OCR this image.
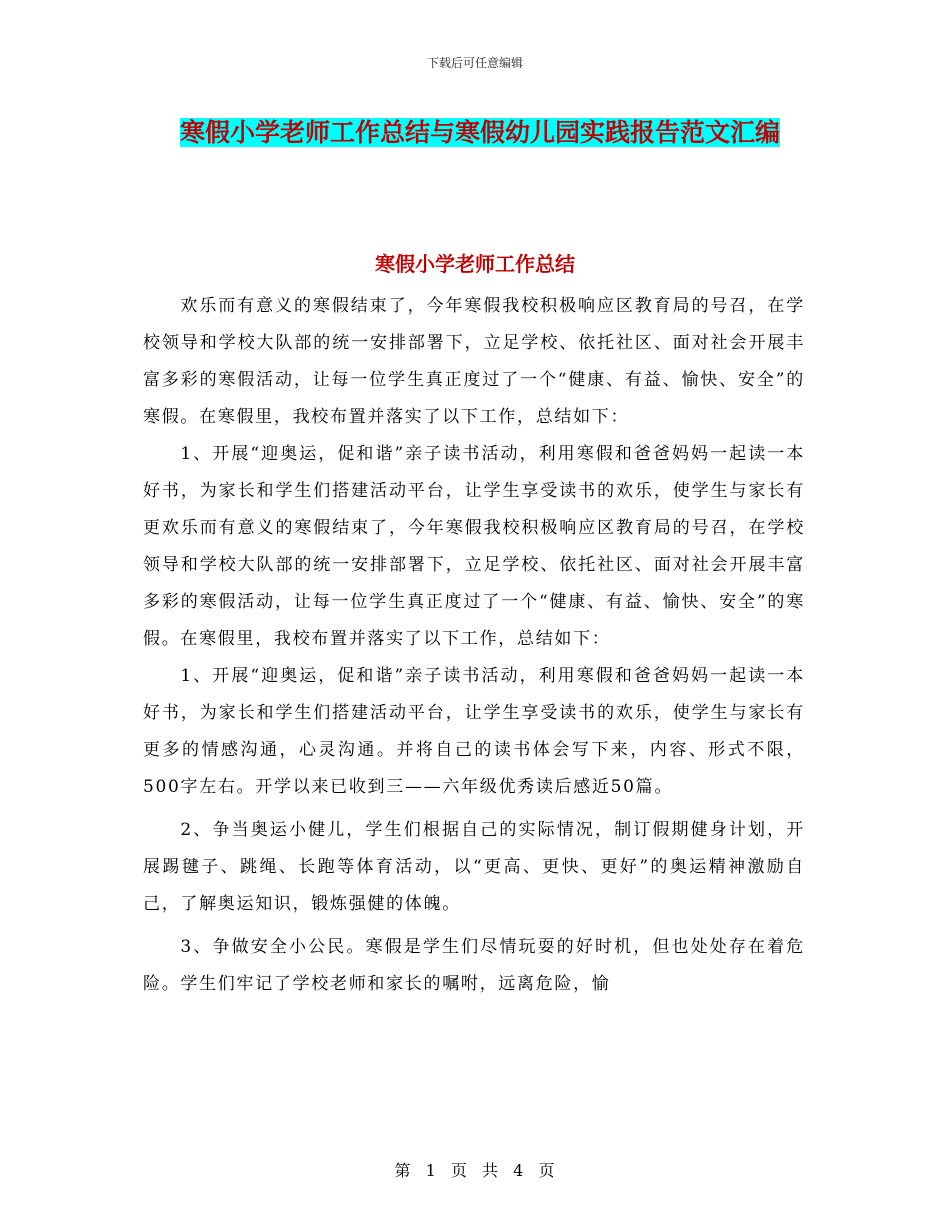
下载后可任意编辑
寒假小学老师工作总结与寒假幼儿园实践报告范文汇编
寒假小学老师工作总结

欢乐而有意义的寒假结束了，今年寒假我校积极响应区教育局的号召，在学校领导和学校大队部的统一安排部署下，立足学校、依托社区、面对社会开展丰富多彩的寒假活动，让每一位学生真正度过了一个“健康、有益、愉快、安全”的寒假。在寒假里，我校布置并落实了以下工作，总结如下：

1、开展“迎奥运，促和谐”亲子读书活动，利用寒假和爸爸妈妈一起读一本好书，为家长和学生们搭建活动平台，让学生享受读书的欢乐，使学生与家长有更欢乐而有意义的寒假结束了，今年寒假我校积极响应区教育局的号召，在学校领导和学校大队部的统一安排部署下，立足学校、依托社区、面对社会开展丰富多彩的寒假活动，让每一位学生真正度过了一个“健康、有益、愉快、安全”的寒假。在寒假里，我校布置并落实了以下工作，总结如下：

1、开展“迎奥运，促和谐”亲子读书活动，利用寒假和爸爸妈妈一起读一本好书，为家长和学生们搭建活动平台，让学生享受读书的欢乐，使学生与家长有更多的情感沟通，心灵沟通。并将自己的读书体会写下来，内容、形式不限，500字左右。开学以来已收到三——六年级优秀读后感近50篇。

2、争当奥运小健儿，学生们根据自己的实际情况，制订假期健身计划，开展踢毽子、跳绳、长跑等体育活动，以“更高、更快、更好”的奥运精神激励自己，了解奥运知识，锻炼强健的体魄。

3、争做安全小公民。寒假是学生们尽情玩耍的好时机，但也处处存在着危险。学生们牢记了学校老师和家长的嘱咐，远离危险，愉

第 1 页 共 4 页
